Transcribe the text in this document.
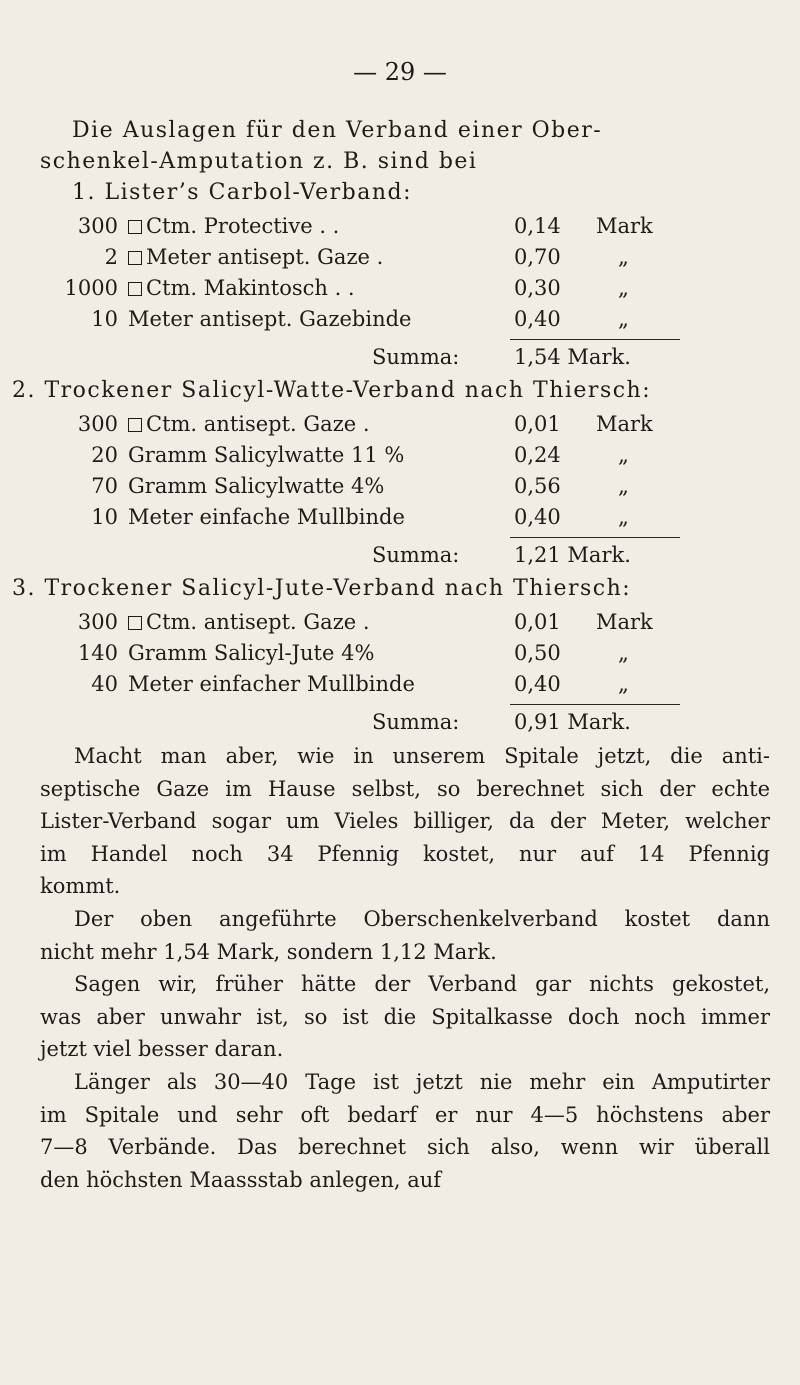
— 29 —
Die Auslagen für den Verband einer Ober-
schenkel-Amputation z. B. sind bei
1. Lister’s Carbol-Verband:
300	Ctm. Protective . .	0,14 Mark
2	Meter antisept. Gaze .	0,70	„
1000	Ctm. Makintosch . .	0,30	„
10 Meter antisept. Gazebinde	0,40	„
Summa:	1,54 Mark.
2. Trockener Salicyl-Watte-Verband nach Thiersch:
300	Ctm. antisept. Gaze .	0,01 Mark
20 Gramm Salicylwatte 11 %	0,24	„
70 Gramm Salicylwatte 4%	0,56	„
10 Meter einfache Mullbinde	0,40	„
Summa:	1,21 Mark.
3. Trockener Salicyl-Jute-Verband nach Thiersch:
300	Ctm. antisept. Gaze .	0,01 Mark
140 Gramm Salicyl-Jute 4%	0,50	„
40 Meter einfacher Mullbinde	0,40	„
Summa:	0,91 Mark.
Macht man aber, wie in unserem Spitale jetzt, die anti-
septische Gaze im Hause selbst, so berechnet sich der echte
Lister-Verband sogar um Vieles billiger, da der Meter, welcher
im Handel noch 34 Pfennig kostet, nur auf 14 Pfennig
kommt.
Der oben angeführte Oberschenkelverband kostet dann
nicht mehr 1,54 Mark, sondern 1,12 Mark.
Sagen wir, früher hätte der Verband gar nichts gekostet,
was aber unwahr ist, so ist die Spitalkasse doch noch immer
jetzt viel besser daran.
Länger als 30—40 Tage ist jetzt nie mehr ein Amputirter
im Spitale und sehr oft bedarf er nur 4—5 höchstens aber
7—8 Verbände. Das berechnet sich also, wenn wir überall
den höchsten Maassstab anlegen, auf
